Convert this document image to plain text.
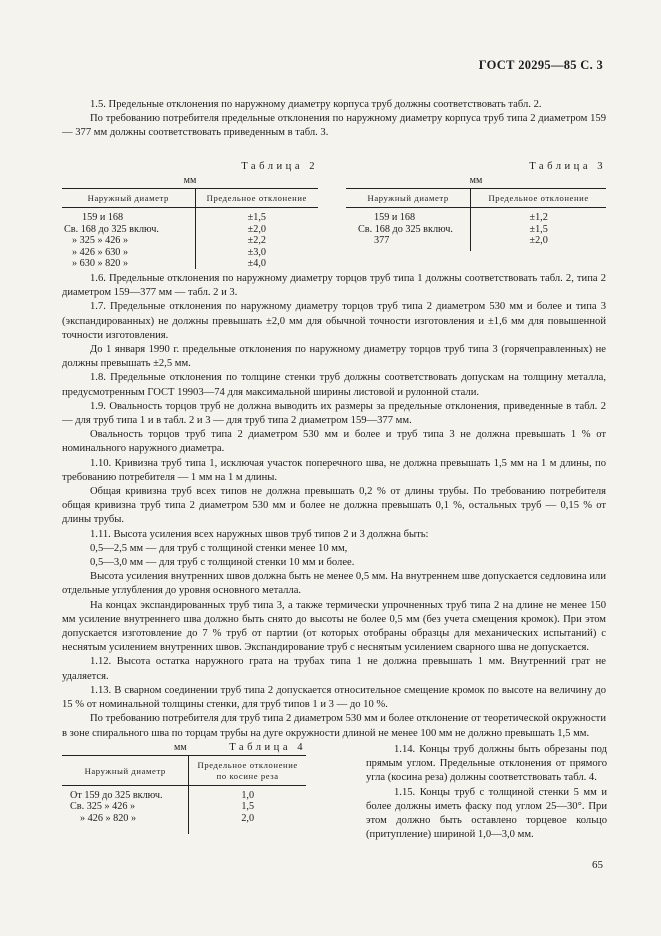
ГОСТ 20295—85 С. 3

1.5. Предельные отклонения по наружному диаметру корпуса труб должны соответствовать табл. 2.

По требованию потребителя предельные отклонения по наружному диаметру корпуса труб типа 2 диаметром 159— 377 мм должны соответствовать приведенным в табл. 3.

Таблица 2
мм
Наружный диаметр	Предельное отклонение
159 и 168	±1,5
Св. 168 до 325 включ.	±2,0
» 325 » 426 »	±2,2
» 426 » 630 »	±3,0
» 630 » 820 »	±4,0
Таблица 3
мм
Наружный диаметр	Предельное отклонение
159 и 168	±1,2
Св. 168 до 325 включ.	±1,5
377	±2,0

1.6. Предельные отклонения по наружному диаметру торцов труб типа 1 должны соответствовать табл. 2, типа 2 диаметром 159—377 мм — табл. 2 и 3.

1.7. Предельные отклонения по наружному диаметру торцов труб типа 2 диаметром 530 мм и более и типа 3 (экспандированных) не должны превышать ±2,0 мм для обычной точности изготовления и ±1,6 мм для повышенной точности изготовления.

До 1 января 1990 г. предельные отклонения по наружному диаметру торцов труб типа 3 (горячеправленных) не должны превышать ±2,5 мм.

1.8. Предельные отклонения по толщине стенки труб должны соответствовать допускам на толщину металла, предусмотренным ГОСТ 19903—74 для максимальной ширины листовой и рулонной стали.

1.9. Овальность торцов труб не должна выводить их размеры за предельные отклонения, приведенные в табл. 2 — для труб типа 1 и в табл. 2 и 3 — для труб типа 2 диаметром 159—377 мм.

Овальность торцов труб типа 2 диаметром 530 мм и более и труб типа 3 не должна превышать 1 % от номинального наружного диаметра.

1.10. Кривизна труб типа 1, исключая участок поперечного шва, не должна превышать 1,5 мм на 1 м длины, по требованию потребителя — 1 мм на 1 м длины.

Общая кривизна труб всех типов не должна превышать 0,2 % от длины трубы. По требованию потребителя общая кривизна труб типа 2 диаметром 530 мм и более не должна превышать 0,1 %, остальных труб — 0,15 % от длины трубы.

1.11. Высота усиления всех наружных швов труб типов 2 и 3 должна быть:

0,5—2,5 мм — для труб с толщиной стенки менее 10 мм,

0,5—3,0 мм — для труб с толщиной стенки 10 мм и более.

Высота усиления внутренних швов должна быть не менее 0,5 мм. На внутреннем шве допускается седловина или отдельные углубления до уровня основного металла.

На концах экспандированных труб типа 3, а также термически упрочненных труб типа 2 на длине не менее 150 мм усиление внутреннего шва должно быть снято до высоты не более 0,5 мм (без учета смещения кромок). При этом допускается изготовление до 7 % труб от партии (от которых отобраны образцы для механических испытаний) с неснятым усилением внутренних швов. Экспандирование труб с неснятым усилением сварного шва не допускается.

1.12. Высота остатка наружного грата на трубах типа 1 не должна превышать 1 мм. Внутренний грат не удаляется.

1.13. В сварном соединении труб типа 2 допускается относительное смещение кромок по высоте на величину до 15 % от номинальной толщины стенки, для труб типов 1 и 3 — до 10 %.

По требованию потребителя для труб типа 2 диаметром 530 мм и более отклонение от теоретической окружности в зоне спирального шва по торцам трубы на дуге окружности длиной не менее 100 мм не должно превышать 1,5 мм.

мм	Таблица 4
Наружный диаметр	Предельное отклонение по косине реза
От 159 до 325 включ.	1,0
Св. 325 » 426 »	1,5
» 426 » 820 »	2,0

1.14. Концы труб должны быть обрезаны под прямым углом. Предельные отклонения от прямого угла (косина реза) должны соответствовать табл. 4.

1.15. Концы труб с толщиной стенки 5 мм и более должны иметь фаску под углом 25—30°. При этом должно быть оставлено торцевое кольцо (притупление) шириной 1,0—3,0 мм.

65
